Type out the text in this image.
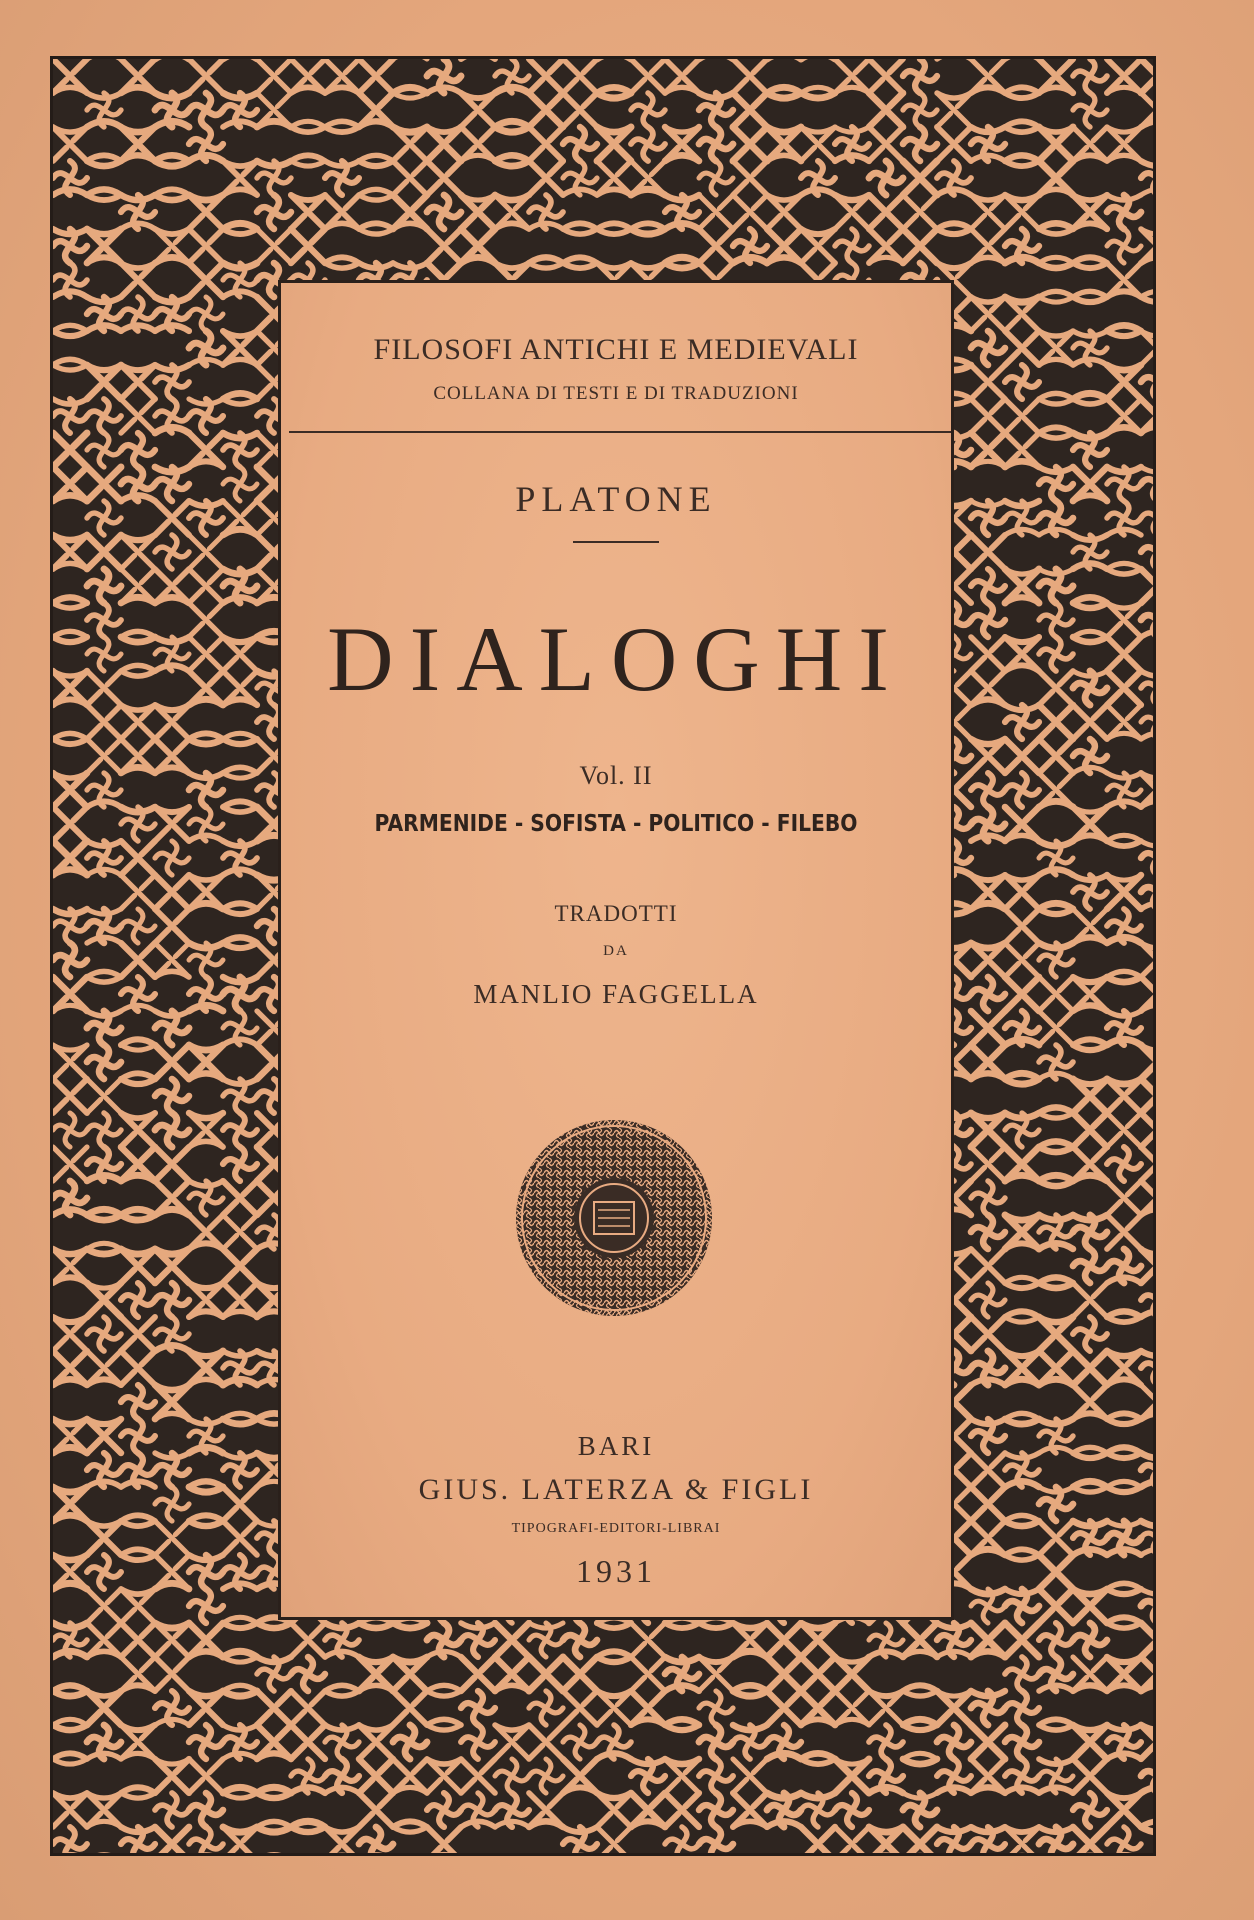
FILOSOFI ANTICHI E MEDIEVALI
COLLANA DI TESTI E DI TRADUZIONI
PLATONE
DIALOGHI
Vol. II
PARMENIDE - SOFISTA - POLITICO - FILEBO
TRADOTTI
DA
MANLIO FAGGELLA
BARI
GIUS. LATERZA & FIGLI
TIPOGRAFI-EDITORI-LIBRAI
1931
